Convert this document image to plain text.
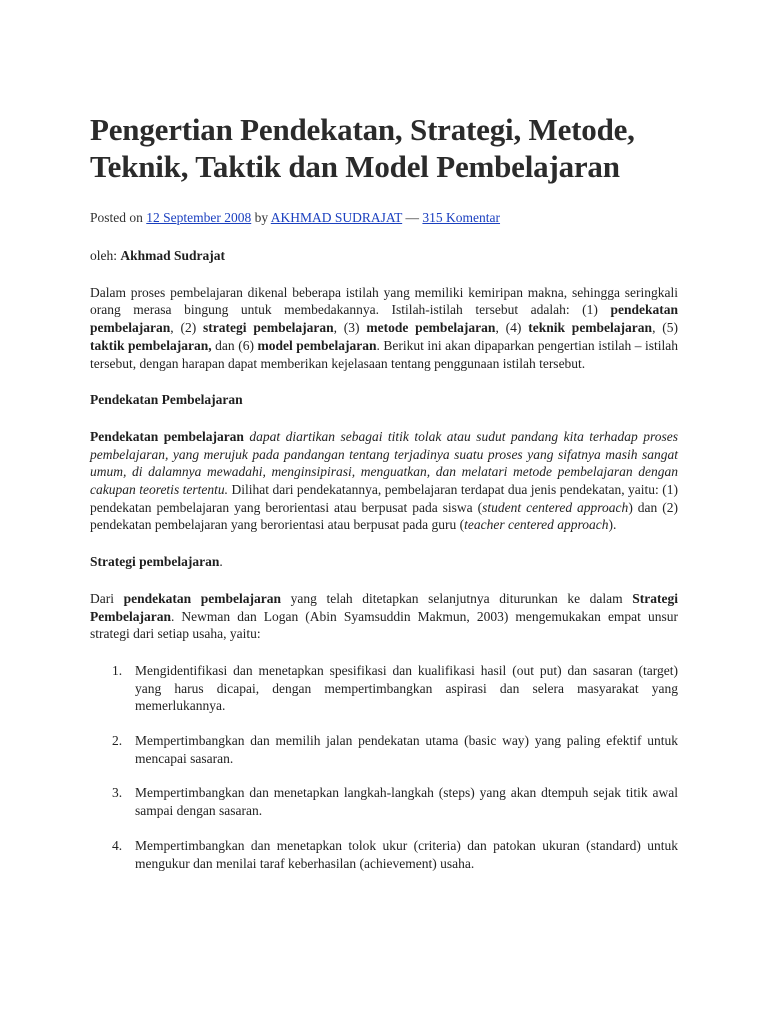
Pengertian Pendekatan, Strategi, Metode, Teknik, Taktik dan Model Pembelajaran
Posted on 12 September 2008 by AKHMAD SUDRAJAT — 315 Komentar

oleh: Akhmad Sudrajat

Dalam proses pembelajaran dikenal beberapa istilah yang memiliki kemiripan makna, sehingga seringkali orang merasa bingung untuk membedakannya. Istilah-istilah tersebut adalah: (1) pendekatan pembelajaran, (2) strategi pembelajaran, (3) metode pembelajaran, (4) teknik pembelajaran, (5) taktik pembelajaran, dan (6) model pembelajaran. Berikut ini akan dipaparkan pengertian istilah – istilah tersebut, dengan harapan dapat memberikan kejelasaan tentang penggunaan istilah tersebut.

Pendekatan Pembelajaran

Pendekatan pembelajaran dapat diartikan sebagai titik tolak atau sudut pandang kita terhadap proses pembelajaran, yang merujuk pada pandangan tentang terjadinya suatu proses yang sifatnya masih sangat umum, di dalamnya mewadahi, menginsipirasi, menguatkan, dan melatari metode pembelajaran dengan cakupan teoretis tertentu. Dilihat dari pendekatannya, pembelajaran terdapat dua jenis pendekatan, yaitu: (1) pendekatan pembelajaran yang berorientasi atau berpusat pada siswa (student centered approach) dan (2) pendekatan pembelajaran yang berorientasi atau berpusat pada guru (teacher centered approach).

Strategi pembelajaran.

Dari pendekatan pembelajaran yang telah ditetapkan selanjutnya diturunkan ke dalam Strategi Pembelajaran. Newman dan Logan (Abin Syamsuddin Makmun, 2003) mengemukakan empat unsur strategi dari setiap usaha, yaitu:

1. Mengidentifikasi dan menetapkan spesifikasi dan kualifikasi hasil (out put) dan sasaran (target) yang harus dicapai, dengan mempertimbangkan aspirasi dan selera masyarakat yang memerlukannya.
2. Mempertimbangkan dan memilih jalan pendekatan utama (basic way) yang paling efektif untuk mencapai sasaran.
3. Mempertimbangkan dan menetapkan langkah-langkah (steps) yang akan dtempuh sejak titik awal sampai dengan sasaran.
4. Mempertimbangkan dan menetapkan tolok ukur (criteria) dan patokan ukuran (standard) untuk mengukur dan menilai taraf keberhasilan (achievement) usaha.
